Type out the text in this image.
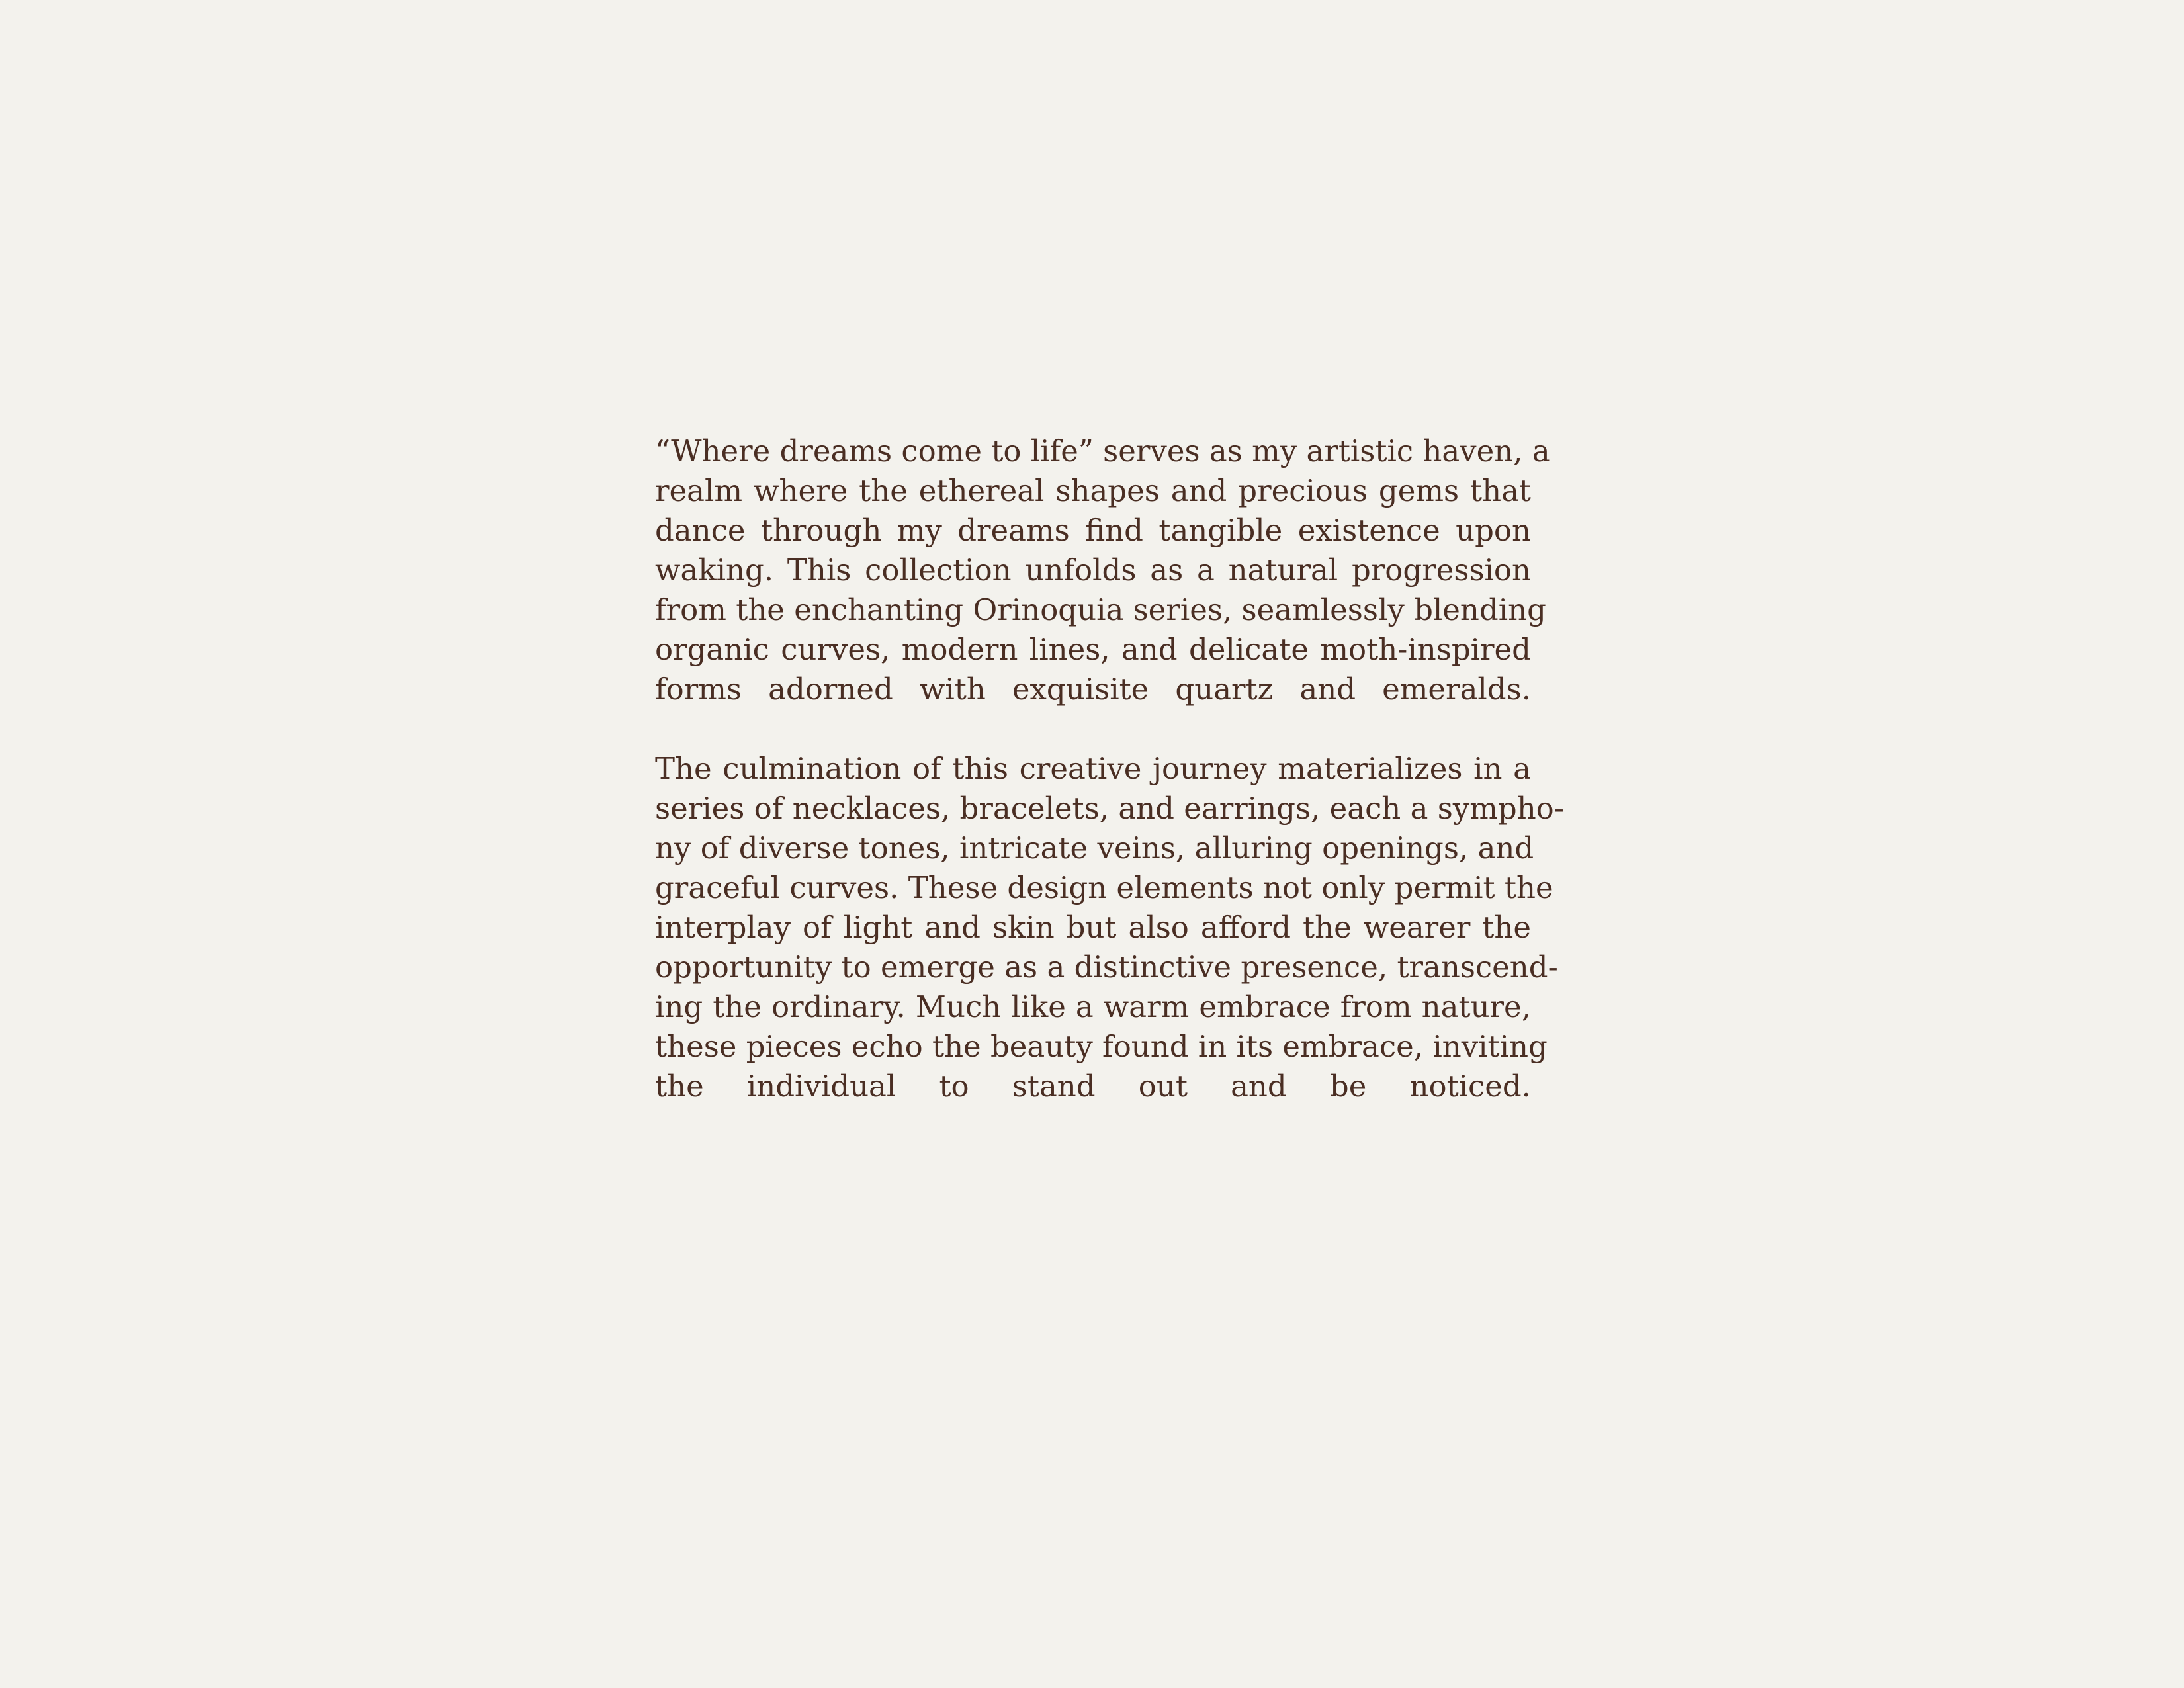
“Where dreams come to life” serves as my artistic haven, a
realm where the ethereal shapes and precious gems that
dance through my dreams find tangible existence upon
waking. This collection unfolds as a natural progression
from the enchanting Orinoquia series, seamlessly blending
organic curves, modern lines, and delicate moth-inspired
forms adorned with exquisite quartz and emeralds.
The culmination of this creative journey materializes in a
series of necklaces, bracelets, and earrings, each a sympho-
ny of diverse tones, intricate veins, alluring openings, and
graceful curves. These design elements not only permit the
interplay of light and skin but also afford the wearer the
opportunity to emerge as a distinctive presence, transcend-
ing the ordinary. Much like a warm embrace from nature,
these pieces echo the beauty found in its embrace, inviting
the individual to stand out and be noticed.
